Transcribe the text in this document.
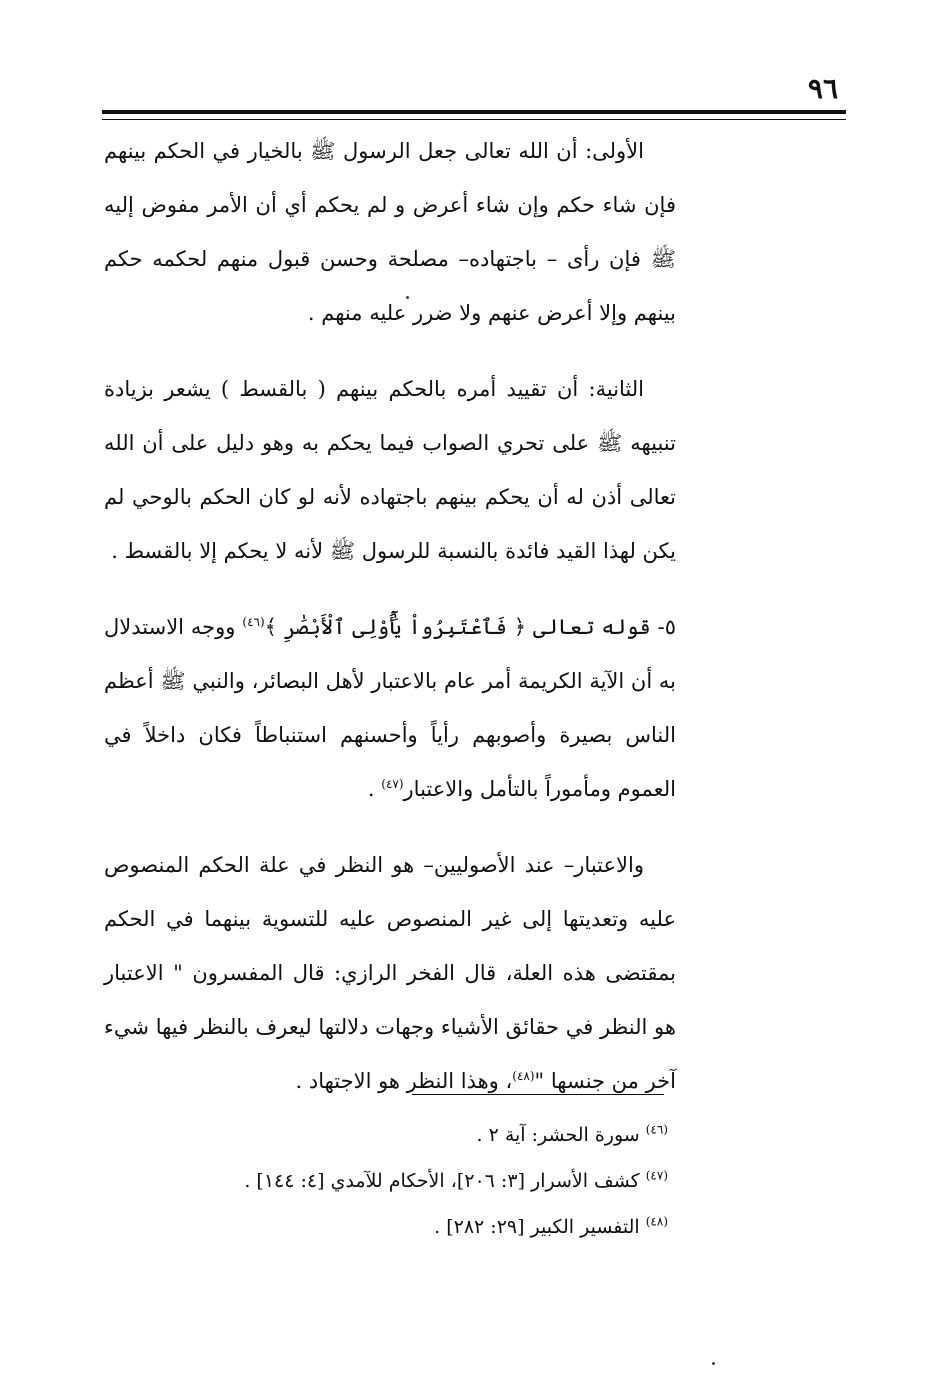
٩٦

الأولى: أن الله تعالى جعل الرسول ﷺ بالخيار في الحكم بينهم فإن شاء حكم وإن شاء أعرض و لم يحكم أي أن الأمر مفوض إليه ﷺ فإن رأى – باجتهاده– مصلحة وحسن قبول منهم لحكمه حكم بينهم وإلا أعرض عنهم ولا ضرر عليه منهم .

الثانية: أن تقييد أمره بالحكم بينهم ( بالقسط ) يشعر بزيادة تنبيهه ﷺ على تحري الصواب فيما يحكم به وهو دليل على أن الله تعالى أذن له أن يحكم بينهم باجتهاده لأنه لو كان الحكم بالوحي لم يكن لهذا القيد فائدة بالنسبة للرسول ﷺ لأنه لا يحكم إلا بالقسط .

٥- قوله تعالى ﴿ فَٱعْتَبِرُواْ يَٰٓأُوْلِى ٱلْأَبْصَٰرِ ﴾$^{(٤٦)}$ ووجه الاستدلال به أن الآية الكريمة أمر عام بالاعتبار لأهل البصائر، والنبي ﷺ أعظم الناس بصيرة وأصوبهم رأياً وأحسنهم استنباطاً فكان داخلاً في العموم ومأموراً بالتأمل والاعتبار$^{(٤٧)}$ .

والاعتبار– عند الأصوليين– هو النظر في علة الحكم المنصوص عليه وتعديتها إلى غير المنصوص عليه للتسوية بينهما في الحكم بمقتضى هذه العلة، قال الفخر الرازي: قال المفسرون " الاعتبار هو النظر في حقائق الأشياء وجهات دلالتها ليعرف بالنظر فيها شيء آخر من جنسها "$^{(٤٨)}$، وهذا النظر هو الاجتهاد .

$^{(٤٦)}$ سورة الحشر: آية ٢ .

$^{(٤٧)}$ كشف الأسرار [٣: ٢٠٦]، الأحكام للآمدي [٤: ١٤٤] .

$^{(٤٨)}$ التفسير الكبير [٢٩: ٢٨٢] .
